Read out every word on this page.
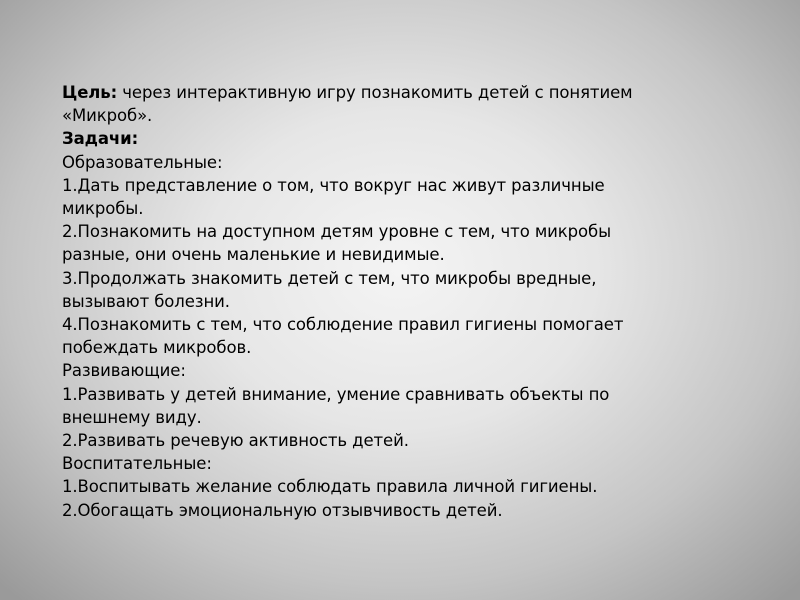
Цель: через интерактивную игру познакомить детей с понятием
«Микроб».
Задачи:
Образовательные:
1.Дать представление о том, что вокруг нас живут различные
микробы.
2.Познакомить на доступном детям уровне с тем, что микробы
разные, они очень маленькие и невидимые.
3.Продолжать знакомить детей с тем, что микробы вредные,
вызывают болезни.
4.Познакомить с тем, что соблюдение правил гигиены помогает
побеждать микробов.
Развивающие:
1.Развивать у детей внимание, умение сравнивать объекты по
внешнему виду.
2.Развивать речевую активность детей.
Воспитательные:
1.Воспитывать желание соблюдать правила личной гигиены.
2.Обогащать эмоциональную отзывчивость детей.
